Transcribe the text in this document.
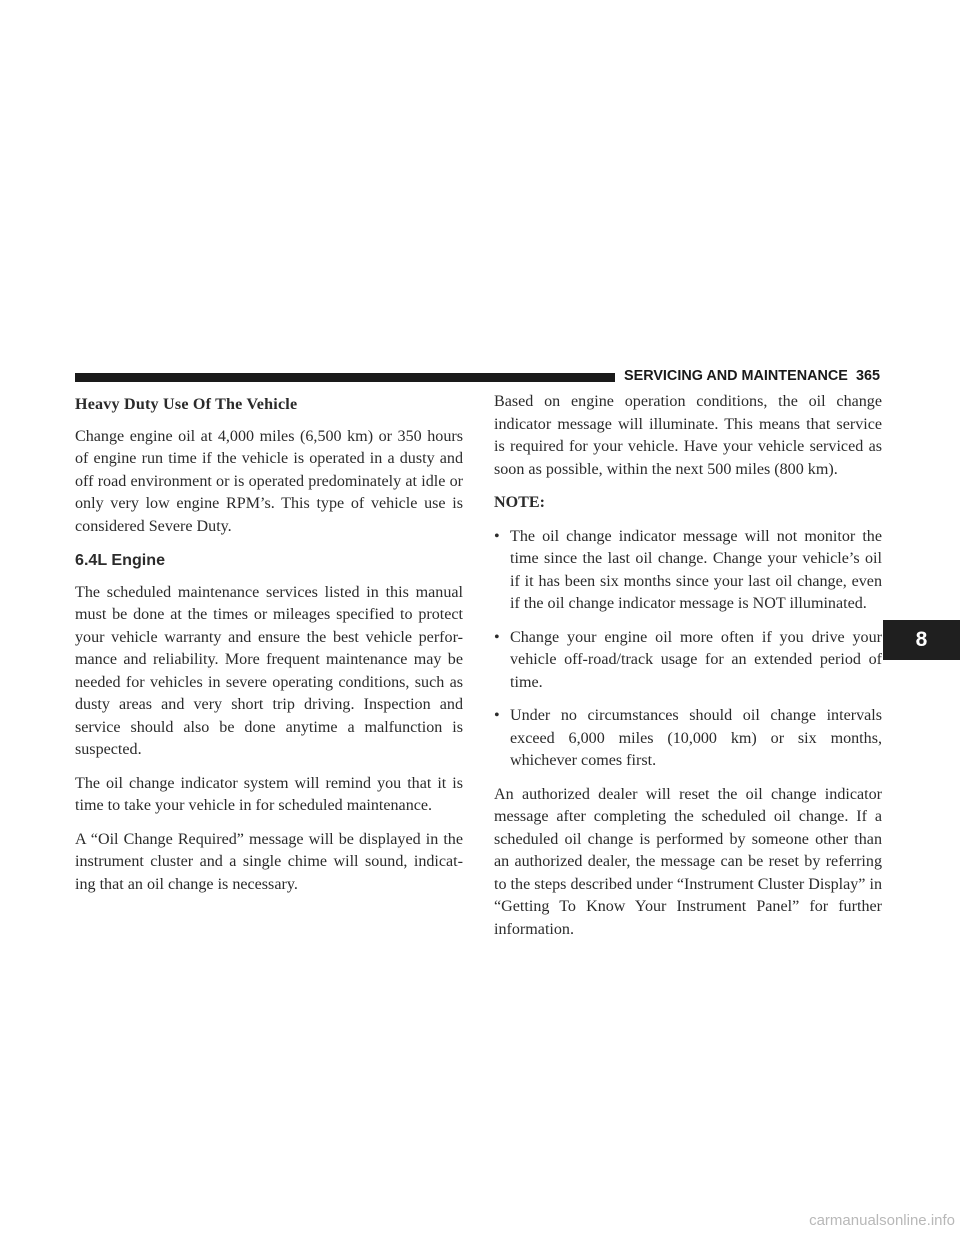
SERVICING AND MAINTENANCE 365
Heavy Duty Use Of The Vehicle

Change engine oil at 4,000 miles (6,500 km) or 350 hours of engine run time if the vehicle is operated in a dusty and off road environment or is operated predominately at idle or only very low engine RPM’s. This type of vehicle use is considered Severe Duty.

6.4L Engine

The scheduled maintenance services listed in this manual must be done at the times or mileages specified to protect your vehicle warranty and ensure the best vehicle perfor-mance and reliability. More frequent maintenance may be needed for vehicles in severe operating conditions, such as dusty areas and very short trip driving. Inspection and service should also be done anytime a malfunction is suspected.

The oil change indicator system will remind you that it is time to take your vehicle in for scheduled maintenance.

A “Oil Change Required” message will be displayed in the instrument cluster and a single chime will sound, indicat-ing that an oil change is necessary.

Based on engine operation conditions, the oil change indicator message will illuminate. This means that service is required for your vehicle. Have your vehicle serviced as soon as possible, within the next 500 miles (800 km).

NOTE:
• The oil change indicator message will not monitor the time since the last oil change. Change your vehicle’s oil if it has been six months since your last oil change, even if the oil change indicator message is NOT illuminated.
• Change your engine oil more often if you drive your vehicle off-road/track usage for an extended period of time.
• Under no circumstances should oil change intervals exceed 6,000 miles (10,000 km) or six months, whichever comes first.

An authorized dealer will reset the oil change indicator message after completing the scheduled oil change. If a scheduled oil change is performed by someone other than an authorized dealer, the message can be reset by referring to the steps described under “Instrument Cluster Display” in “Getting To Know Your Instrument Panel” for further information.

8
carmanualsonline.info
